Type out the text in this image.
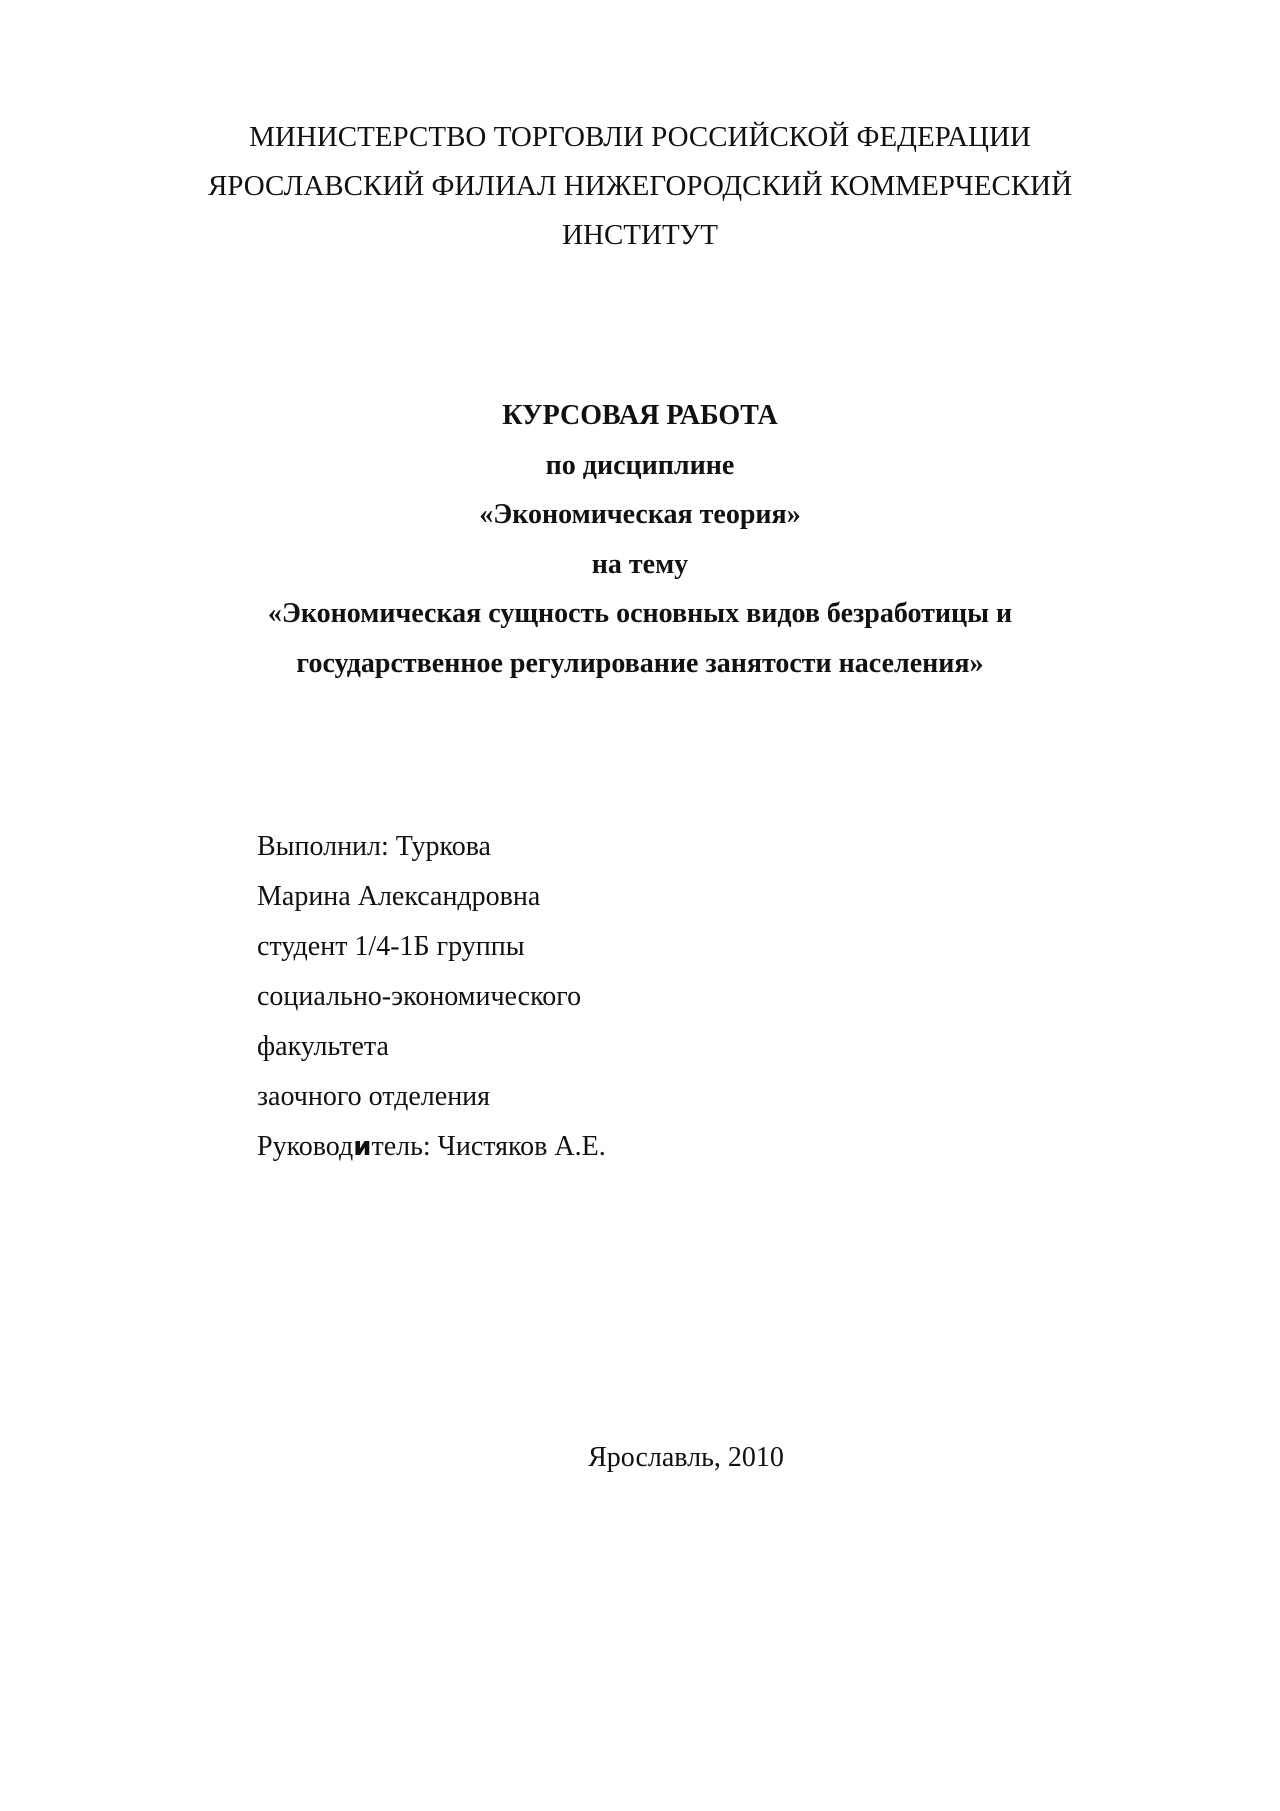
МИНИСТЕРСТВО ТОРГОВЛИ РОССИЙСКОЙ ФЕДЕРАЦИИ
ЯРОСЛАВСКИЙ ФИЛИАЛ НИЖЕГОРОДСКИЙ КОММЕРЧЕСКИЙ
ИНСТИТУТ
КУРСОВАЯ РАБОТА
по дисциплине
«Экономическая теория»
на тему
«Экономическая сущность основных видов безработицы и
государственное регулирование занятости населения»
Выполнил: Туркова
Марина Александровна
студент 1/4-1Б группы
социально-экономического
факультета
заочного отделения
Руководитель: Чистяков А.Е.
Ярославль, 2010
